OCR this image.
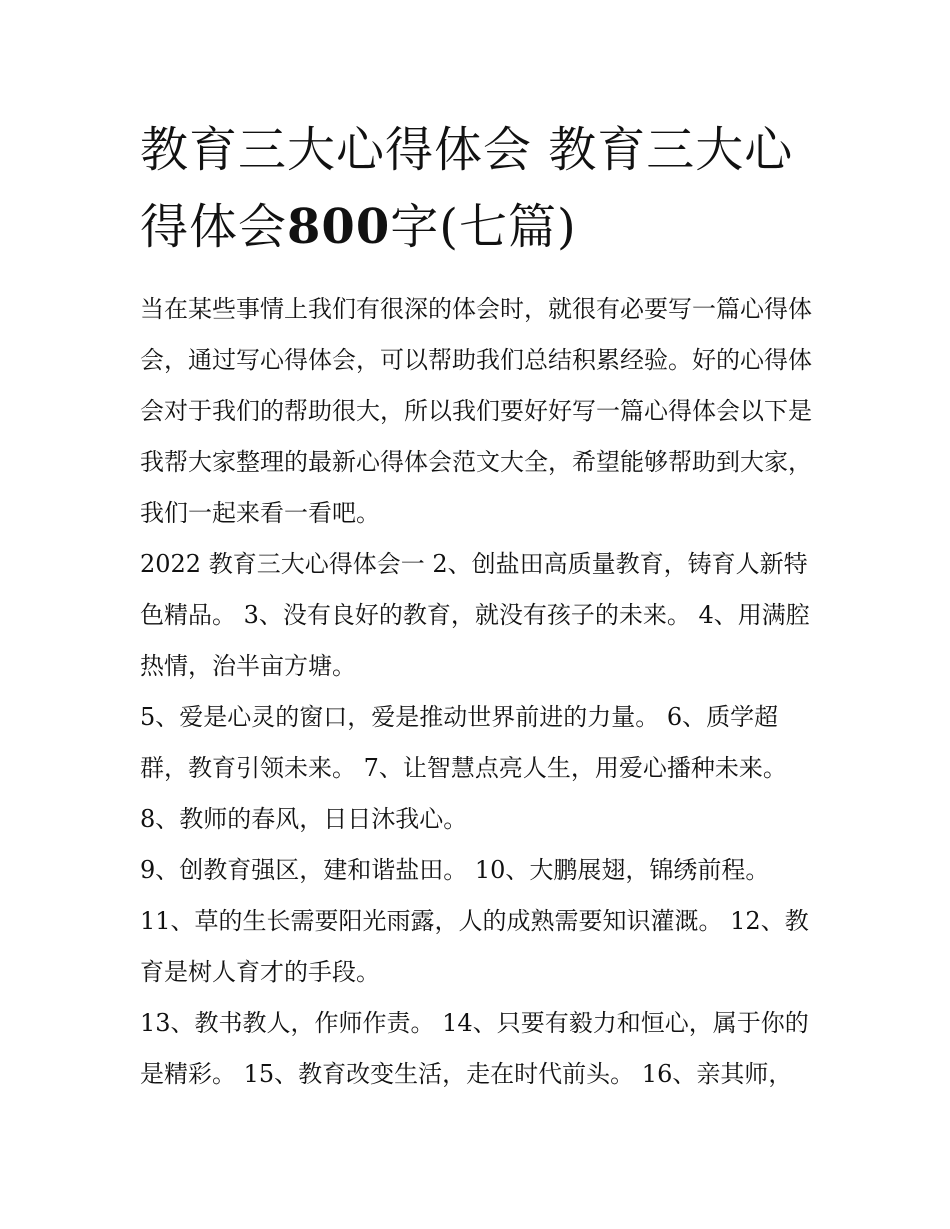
教育三大心得体会 教育三大心得体会800字(七篇)

当在某些事情上我们有很深的体会时，就很有必要写一篇心得体会，通过写心得体会，可以帮助我们总结积累经验。好的心得体会对于我们的帮助很大，所以我们要好好写一篇心得体会以下是我帮大家整理的最新心得体会范文大全，希望能够帮助到大家，我们一起来看一看吧。

2022 教育三大心得体会一 2、创盐田高质量教育，铸育人新特色精品。 3、没有良好的教育，就没有孩子的未来。 4、用满腔热情，治半亩方塘。

5、爱是心灵的窗口，爱是推动世界前进的力量。 6、质学超群，教育引领未来。 7、让智慧点亮人生，用爱心播种未来。

8、教师的春风，日日沐我心。

9、创教育强区，建和谐盐田。 10、大鹏展翅，锦绣前程。

11、草的生长需要阳光雨露，人的成熟需要知识灌溉。 12、教育是树人育才的手段。

13、教书教人，作师作责。 14、只要有毅力和恒心，属于你的是精彩。 15、教育改变生活，走在时代前头。 16、亲其师，
